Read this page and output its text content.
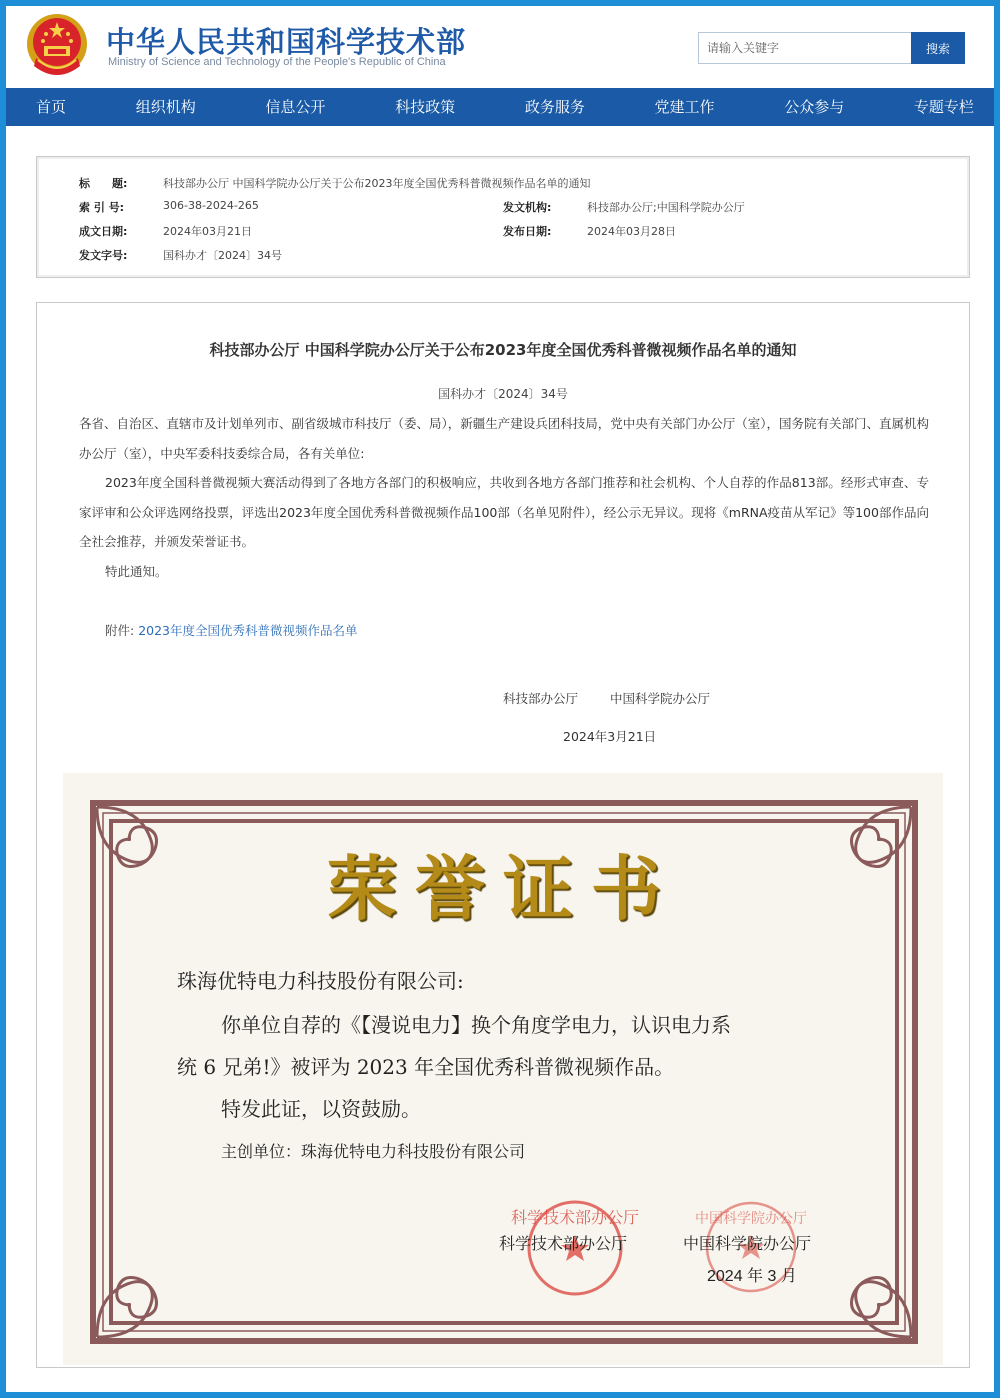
中华人民共和国科学技术部
Ministry of Science and Technology of the People's Republic of China
请输入关键字
搜索
首页	组织机构	信息公开	科技政策	政务服务	党建工作	公众参与	专题专栏
标　　题:	科技部办公厅 中国科学院办公厅关于公布2023年度全国优秀科普微视频作品名单的通知
索 引 号:	306-38-2024-265	发文机构:	科技部办公厅;中国科学院办公厅
成文日期:	2024年03月21日	发布日期:	2024年03月28日
发文字号:	国科办才〔2024〕34号
科技部办公厅 中国科学院办公厅关于公布2023年度全国优秀科普微视频作品名单的通知
国科办才〔2024〕34号
各省、自治区、直辖市及计划单列市、副省级城市科技厅（委、局），新疆生产建设兵团科技局，党中央有关部门办公厅（室），国务院有关部门、直属机构办公厅（室），中央军委科技委综合局，各有关单位:
2023年度全国科普微视频大赛活动得到了各地方各部门的积极响应，共收到各地方各部门推荐和社会机构、个人自荐的作品813部。经形式审查、专家评审和公众评选网络投票，评选出2023年度全国优秀科普微视频作品100部（名单见附件），经公示无异议。现将《mRNA疫苗从军记》等100部作品向全社会推荐，并颁发荣誉证书。
特此通知。
附件: 2023年度全国优秀科普微视频作品名单
科技部办公厅	中国科学院办公厅
2024年3月21日
科学技术部办公厅	中国科学院办公厅
荣誉证书
珠海优特电力科技股份有限公司:
你单位自荐的《【漫说电力】换个角度学电力，认识电力系
统 6 兄弟!》被评为 2023 年全国优秀科普微视频作品。
特发此证，以资鼓励。
主创单位：珠海优特电力科技股份有限公司
科学技术部办公厅	中国科学院办公厅
2024 年 3 月
